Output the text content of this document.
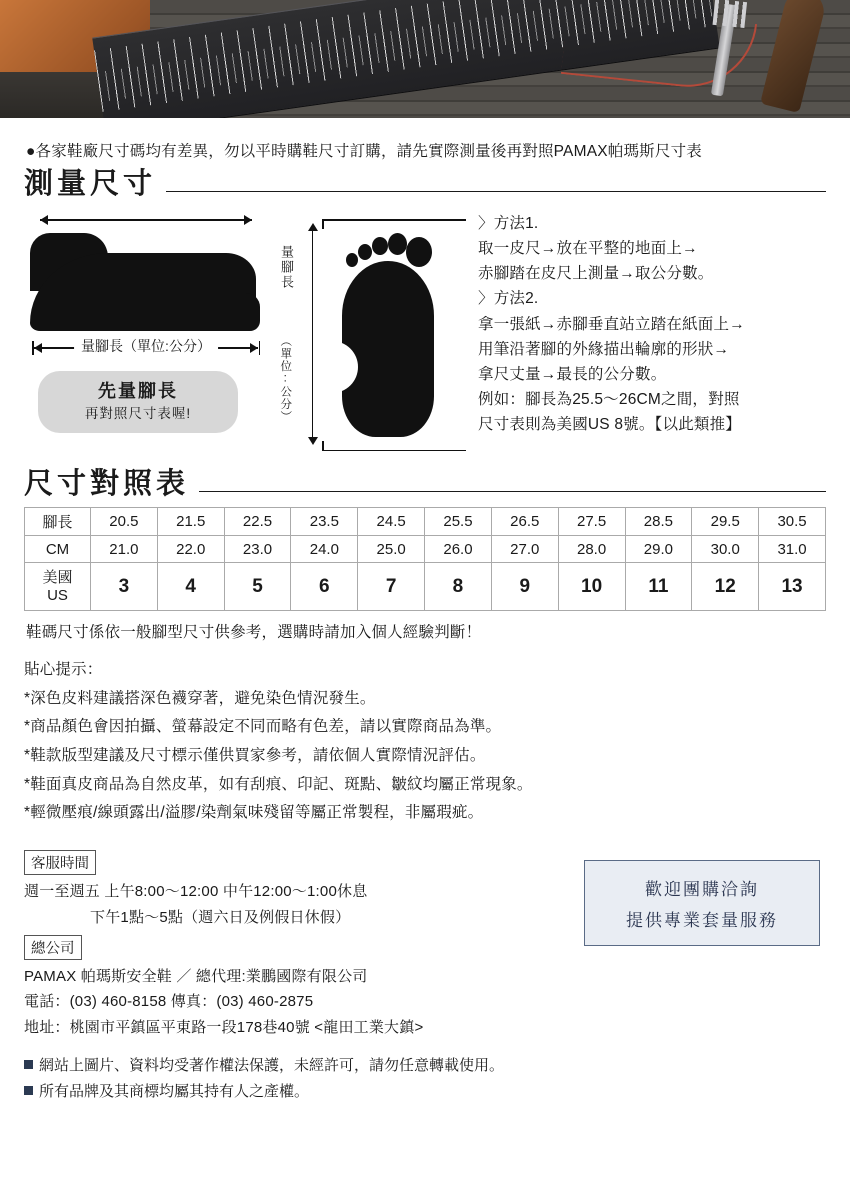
●各家鞋廠尺寸碼均有差異，勿以平時購鞋尺寸訂購，請先實際測量後再對照PAMAX帕瑪斯尺寸表
測量尺寸
量腳長（單位:公分）
先量腳長
再對照尺寸表喔!
量腳長
（單位:公分）
〉方法1.
取一皮尺→放在平整的地面上→
赤腳踏在皮尺上測量→取公分數。
〉方法2.
拿一張紙→赤腳垂直站立踏在紙面上→
用筆沿著腳的外緣描出輪廓的形狀→
拿尺丈量→最長的公分數。
例如：腳長為25.5～26CM之間，對照
尺寸表則為美國US 8號。【以此類推】
尺寸對照表
腳長	20.5	21.5	22.5	23.5	24.5	25.5	26.5	27.5	28.5	29.5	30.5
CM	21.0	22.0	23.0	24.0	25.0	26.0	27.0	28.0	29.0	30.0	31.0

美國
US	3	4	5	6	7	8	9	10	11	12	13
鞋碼尺寸係依一般腳型尺寸供參考，選購時請加入個人經驗判斷！
貼心提示：
*深色皮料建議搭深色襪穿著，避免染色情況發生。
*商品顏色會因拍攝、螢幕設定不同而略有色差，請以實際商品為準。
*鞋款版型建議及尺寸標示僅供買家參考，請依個人實際情況評估。
*鞋面真皮商品為自然皮革，如有刮痕、印記、斑點、皺紋均屬正常現象。
*輕微壓痕/線頭露出/溢膠/染劑氣味殘留等屬正常製程，非屬瑕疵。
客服時間
週一至週五 上午8:00～12:00 中午12:00～1:00休息
下午1點～5點（週六日及例假日休假）
總公司
PAMAX 帕瑪斯安全鞋 ／ 總代理:業鵬國際有限公司
電話：(03) 460-8158 傳真：(03) 460-2875
地址：桃園市平鎮區平東路一段178巷40號 <龍田工業大鎮>
歡迎團購洽詢
提供專業套量服務
網站上圖片、資料均受著作權法保護，未經許可，請勿任意轉載使用。
所有品牌及其商標均屬其持有人之產權。
